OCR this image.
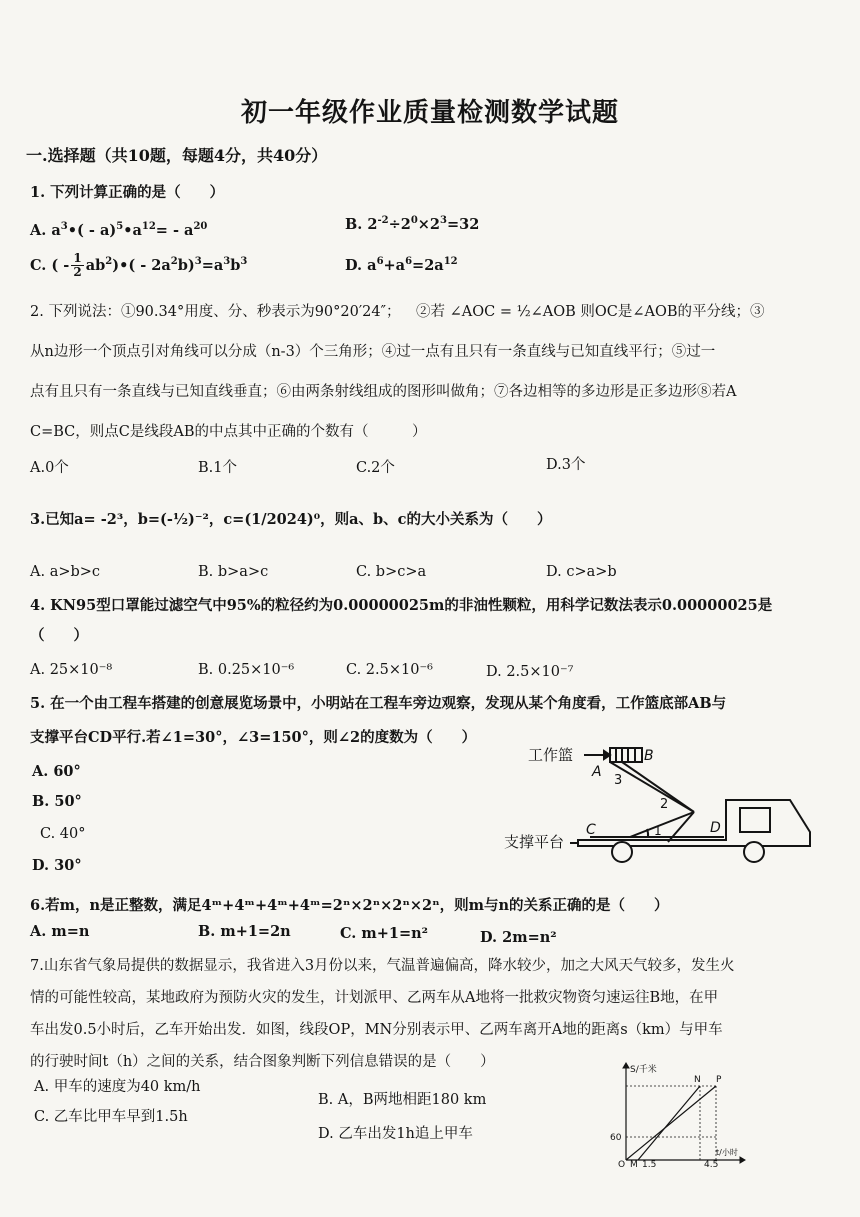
初一年级作业质量检测数学试题
一.选择题（共10题，每题4分，共40分）
1. 下列计算正确的是（　　）
A. $a^3•$( - $a)^5•a^{12}= - a^{20}$	B. $2^{-2}\div 2^0\times 2^3=32$
C. ( - $\frac{1}{2}$ $ab^2)•( - 2a^2b)^3=a^3b^3$	D. $a^6+a^6=2a^{12}$
2. 下列说法：①90.34°用度、分、秒表示为90°20′24″； ②若 ∠AOC = ½∠AOB 则OC是∠AOB的平分线；③
从n边形一个顶点引对角线可以分成（n-3）个三角形；④过一点有且只有一条直线与已知直线平行；⑤过一
点有且只有一条直线与已知直线垂直；⑥由两条射线组成的图形叫做角；⑦各边相等的多边形是正多边形⑧若A
C=BC，则点C是线段AB的中点其中正确的个数有（　　　）
A.0个	B.1个	C.2个	D.3个
3.已知a= -2³，b=(-½)⁻²，c=(1/2024)⁰，则a、b、c的大小关系为（　　）
A. a>b>c	B. b>a>c	C. b>c>a	D. c>a>b
4. KN95型口罩能过滤空气中95%的粒径约为0.00000025m的非油性颗粒，用科学记数法表示0.00000025是
（　　）
A. 25×10⁻⁸	B. 0.25×10⁻⁶	C. 2.5×10⁻⁶	D. 2.5×10⁻⁷
5. 在一个由工程车搭建的创意展览场景中，小明站在工程车旁边观察，发现从某个角度看，工作篮底部AB与
支撑平台CD平行.若∠1=30°，∠3=150°，则∠2的度数为（　　）
A. 60°
B. 50°
C. 40°
D. 30°
工作篮	B
A
3
2
1
C	D
支撑平台
6.若m，n是正整数，满足4ᵐ+4ᵐ+4ᵐ+4ᵐ=2ⁿ×2ⁿ×2ⁿ×2ⁿ，则m与n的关系正确的是（　　）
A. m=n	B. m+1=2n	C. m+1=n²	D. 2m=n²
7.山东省气象局提供的数据显示，我省进入3月份以来，气温普遍偏高，降水较少，加之大风天气较多，发生火
情的可能性较高，某地政府为预防火灾的发生，计划派甲、乙两车从A地将一批救灾物资匀速运往B地，在甲
车出发0.5小时后，乙车开始出发．如图，线段OP，MN分别表示甲、乙两车离开A地的距离s（km）与甲车
的行驶时间t（h）之间的关系，结合图象判断下列信息错误的是（　　）
A. 甲车的速度为40 km/h
B. A，B两地相距180 km
C. 乙车比甲车早到1.5h
D. 乙车出发1h追上甲车
S/千米
t/小时
N P
60
O M 1.5	4.5
